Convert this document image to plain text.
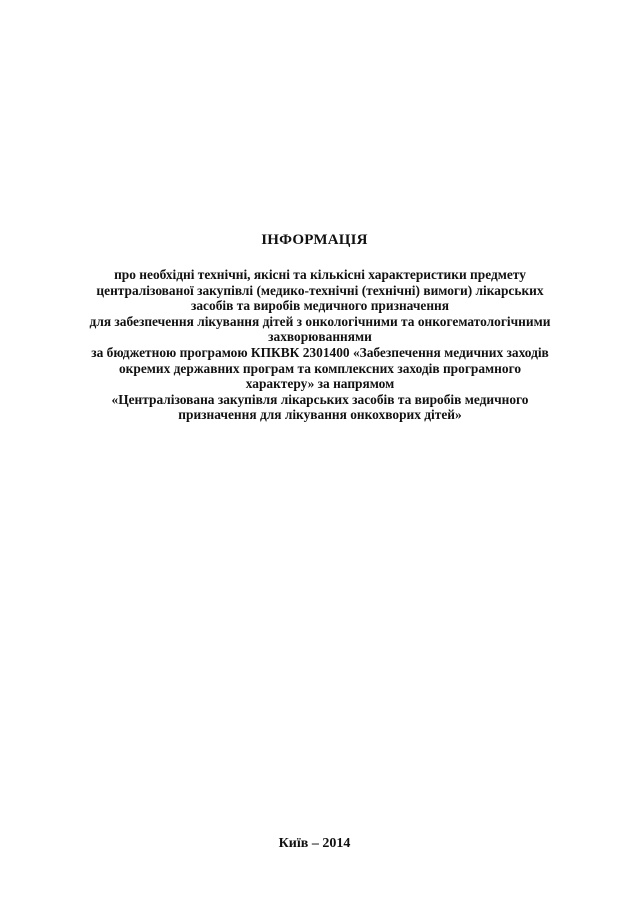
ІНФОРМАЦІЯ
про необхідні технічні, якісні та кількісні характеристики предмету
централізованої закупівлі (медико-технічні (технічні) вимоги) лікарських
засобів та виробів медичного призначення
для забезпечення лікування дітей з онкологічними та онкогематологічними
захворюваннями
за бюджетною програмою КПКВК 2301400 «Забезпечення медичних заходів
окремих державних програм та комплексних заходів програмного
характеру» за напрямом
«Централізована закупівля лікарських засобів та виробів медичного
призначення для лікування онкохворих дітей»
Київ – 2014
